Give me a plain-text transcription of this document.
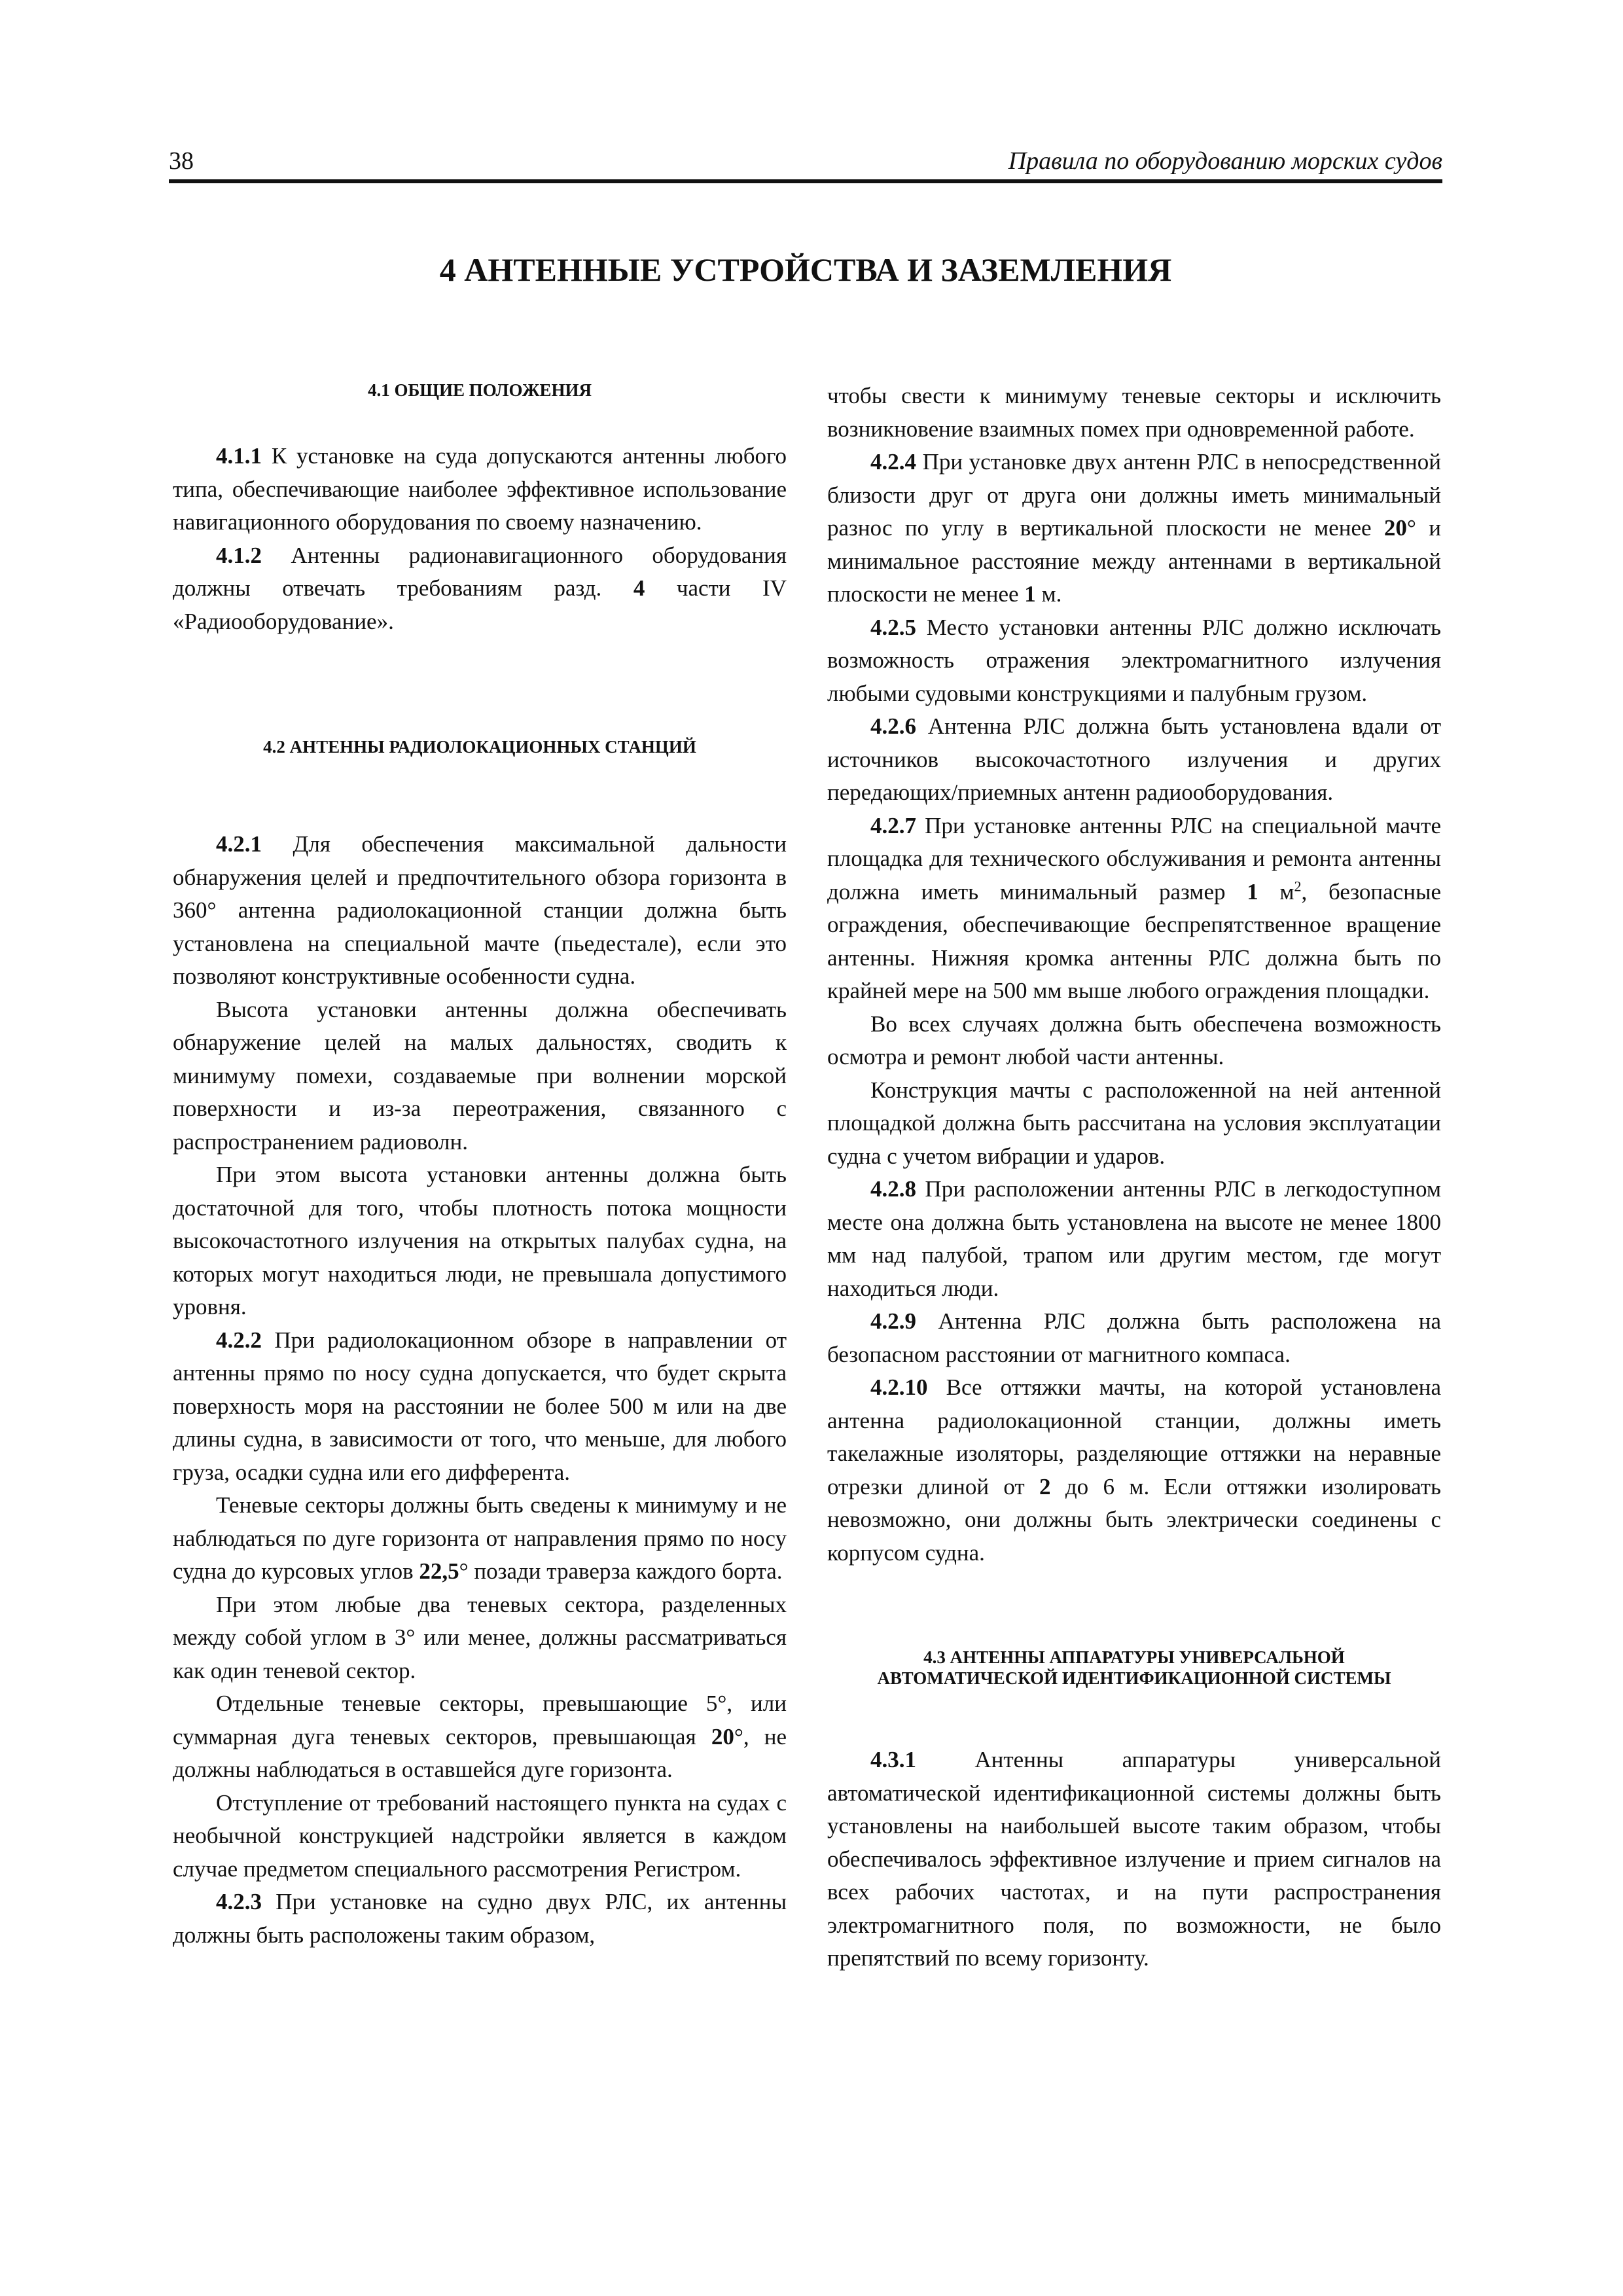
38	Правила по оборудованию морских судов
4 АНТЕННЫЕ УСТРОЙСТВА И ЗАЗЕМЛЕНИЯ

4.1 ОБЩИЕ ПОЛОЖЕНИЯ

4.1.1 К установке на суда допускаются антенны любого типа, обеспечивающие наиболее эффективное использование навигационного оборудования по своему назначению.

4.1.2 Антенны радионавигационного оборудования должны отвечать требованиям разд. 4 части IV «Радиооборудование».

4.2 АНТЕННЫ РАДИОЛОКАЦИОННЫХ СТАНЦИЙ

4.2.1 Для обеспечения максимальной дальности обнаружения целей и предпочтительного обзора горизонта в 360° антенна радиолокационной станции должна быть установлена на специальной мачте (пьедестале), если это позволяют конструктивные особенности судна.

Высота установки антенны должна обеспечивать обнаружение целей на малых дальностях, сводить к минимуму помехи, создаваемые при волнении морской поверхности и из-за переотражения, связанного с распространением радиоволн.

При этом высота установки антенны должна быть достаточной для того, чтобы плотность потока мощности высокочастотного излучения на открытых палубах судна, на которых могут находиться люди, не превышала допустимого уровня.

4.2.2 При радиолокационном обзоре в направлении от антенны прямо по носу судна допускается, что будет скрыта поверхность моря на расстоянии не более 500 м или на две длины судна, в зависимости от того, что меньше, для любого груза, осадки судна или его дифферента.

Теневые секторы должны быть сведены к минимуму и не наблюдаться по дуге горизонта от направления прямо по носу судна до курсовых углов 22,5° позади траверза каждого борта.

При этом любые два теневых сектора, разделенных между собой углом в 3° или менее, должны рассматриваться как один теневой сектор.

Отдельные теневые секторы, превышающие 5°, или суммарная дуга теневых секторов, превышающая 20°, не должны наблюдаться в оставшейся дуге горизонта.

Отступление от требований настоящего пункта на судах с необычной конструкцией надстройки является в каждом случае предметом специального рассмотрения Регистром.

4.2.3 При установке на судно двух РЛС, их антенны должны быть расположены таким образом,

чтобы свести к минимуму теневые секторы и исключить возникновение взаимных помех при одновременной работе.

4.2.4 При установке двух антенн РЛС в непосредственной близости друг от друга они должны иметь минимальный разнос по углу в вертикальной плоскости не менее 20° и минимальное расстояние между антеннами в вертикальной плоскости не менее 1 м.

4.2.5 Место установки антенны РЛС должно исключать возможность отражения электромагнитного излучения любыми судовыми конструкциями и палубным грузом.

4.2.6 Антенна РЛС должна быть установлена вдали от источников высокочастотного излучения и других передающих/приемных антенн радиооборудования.

4.2.7 При установке антенны РЛС на специальной мачте площадка для технического обслуживания и ремонта антенны должна иметь минимальный размер 1 $м^2$, безопасные ограждения, обеспечивающие беспрепятственное вращение антенны. Нижняя кромка антенны РЛС должна быть по крайней мере на 500 мм выше любого ограждения площадки.

Во всех случаях должна быть обеспечена возможность осмотра и ремонт любой части антенны.

Конструкция мачты с расположенной на ней антенной площадкой должна быть рассчитана на условия эксплуатации судна с учетом вибрации и ударов.

4.2.8 При расположении антенны РЛС в легкодоступном месте она должна быть установлена на высоте не менее 1800 мм над палубой, трапом или другим местом, где могут находиться люди.

4.2.9 Антенна РЛС должна быть расположена на безопасном расстоянии от магнитного компаса.

4.2.10 Все оттяжки мачты, на которой установлена антенна радиолокационной станции, должны иметь такелажные изоляторы, разделяющие оттяжки на неравные отрезки длиной от 2 до 6 м. Если оттяжки изолировать невозможно, они должны быть электрически соединены с корпусом судна.

4.3 АНТЕННЫ АППАРАТУРЫ УНИВЕРСАЛЬНОЙ АВТОМАТИЧЕСКОЙ ИДЕНТИФИКАЦИОННОЙ СИСТЕМЫ

4.3.1 Антенны аппаратуры универсальной автоматической идентификационной системы должны быть установлены на наибольшей высоте таким образом, чтобы обеспечивалось эффективное излучение и прием сигналов на всех рабочих частотах, и на пути распространения электромагнитного поля, по возможности, не было препятствий по всему горизонту.
